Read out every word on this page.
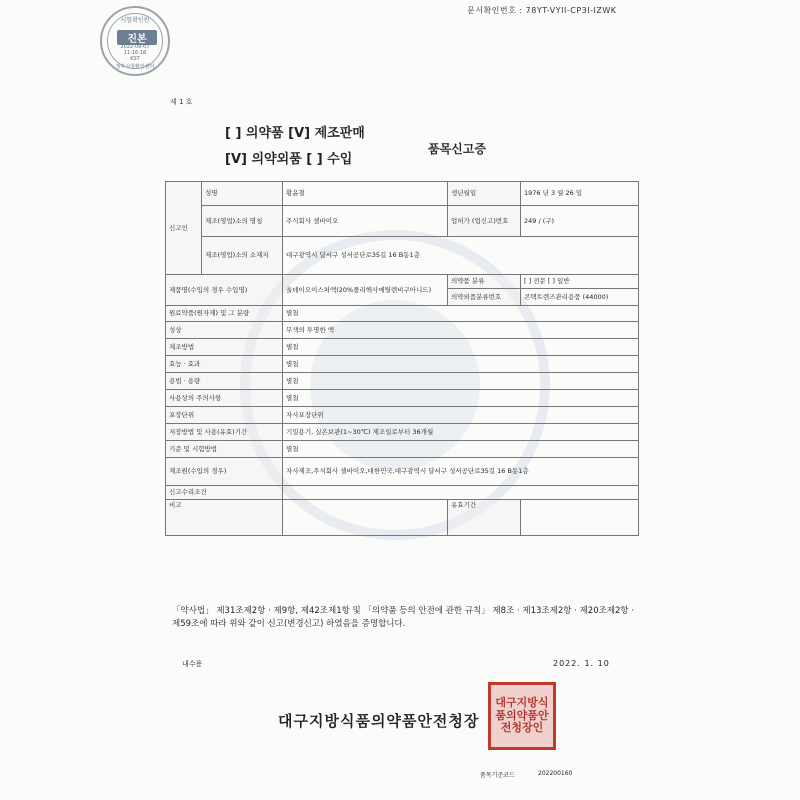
시험확인원
진본
2022-09-07
11:16:18
KST
정부시청확인센터
문서확인번호 : 78YT-VYII-CP3I-IZWK
제 1 호
[ ] 의약품 [V] 제조판매
[V] 의약외품 [ ] 수입
품목신고증
신고인	성명	황윤철	생년월일	1976 년 3 월 26 일
	제조(영업)소의 명칭	주식회사 셀바이오	업허가 (업신고)번호	249 / (구)
	제조(영업)소의 소재지	대구광역시 달서구 성서공단로35길 16 B동1층		
제품명(수입의 경우 수입명)		울데이모이스처액(20%폴리헥사메틸렌비구아니드)	의약품 분류	[ ] 전문 [ ] 일반
			의약외품분류번호	콘택트렌즈관리용품 (44000)
원료약품(원자재) 및 그 분량		별첨		
성상		무색의 투명한 액		
제조방법		별첨		
효능 · 효과		별첨		
용법 · 용량		별첨		
사용상의 주의사항		별첨		
포장단위		자사포장단위		
저장방법 및 사용(유효)기간		기밀용기, 실온보관(1~30℃) 제조일로부터 36개월		
기준 및 시험방법		별첨		
제조원(수입의 경우)		자사제조,주식회사 셀바이오,대한민국,대구광역시 달서구 성서공단로35길 16 B동1층		
신고수리조건				
비고			유효기간	
「약사법」 제31조제2항 · 제9항, 제42조제1항 및 「의약품 등의 안전에 관한 규칙」 제8조 · 제13조제2항 · 제20조제2항 · 제59조에 따라 위와 같이 신고(변경신고) 하였음을 증명합니다.
내수용	2022. 1. 10
대구지방식품의약품안전청장
대구지방식품의약품안전청장인
품목기준코드	202200160
